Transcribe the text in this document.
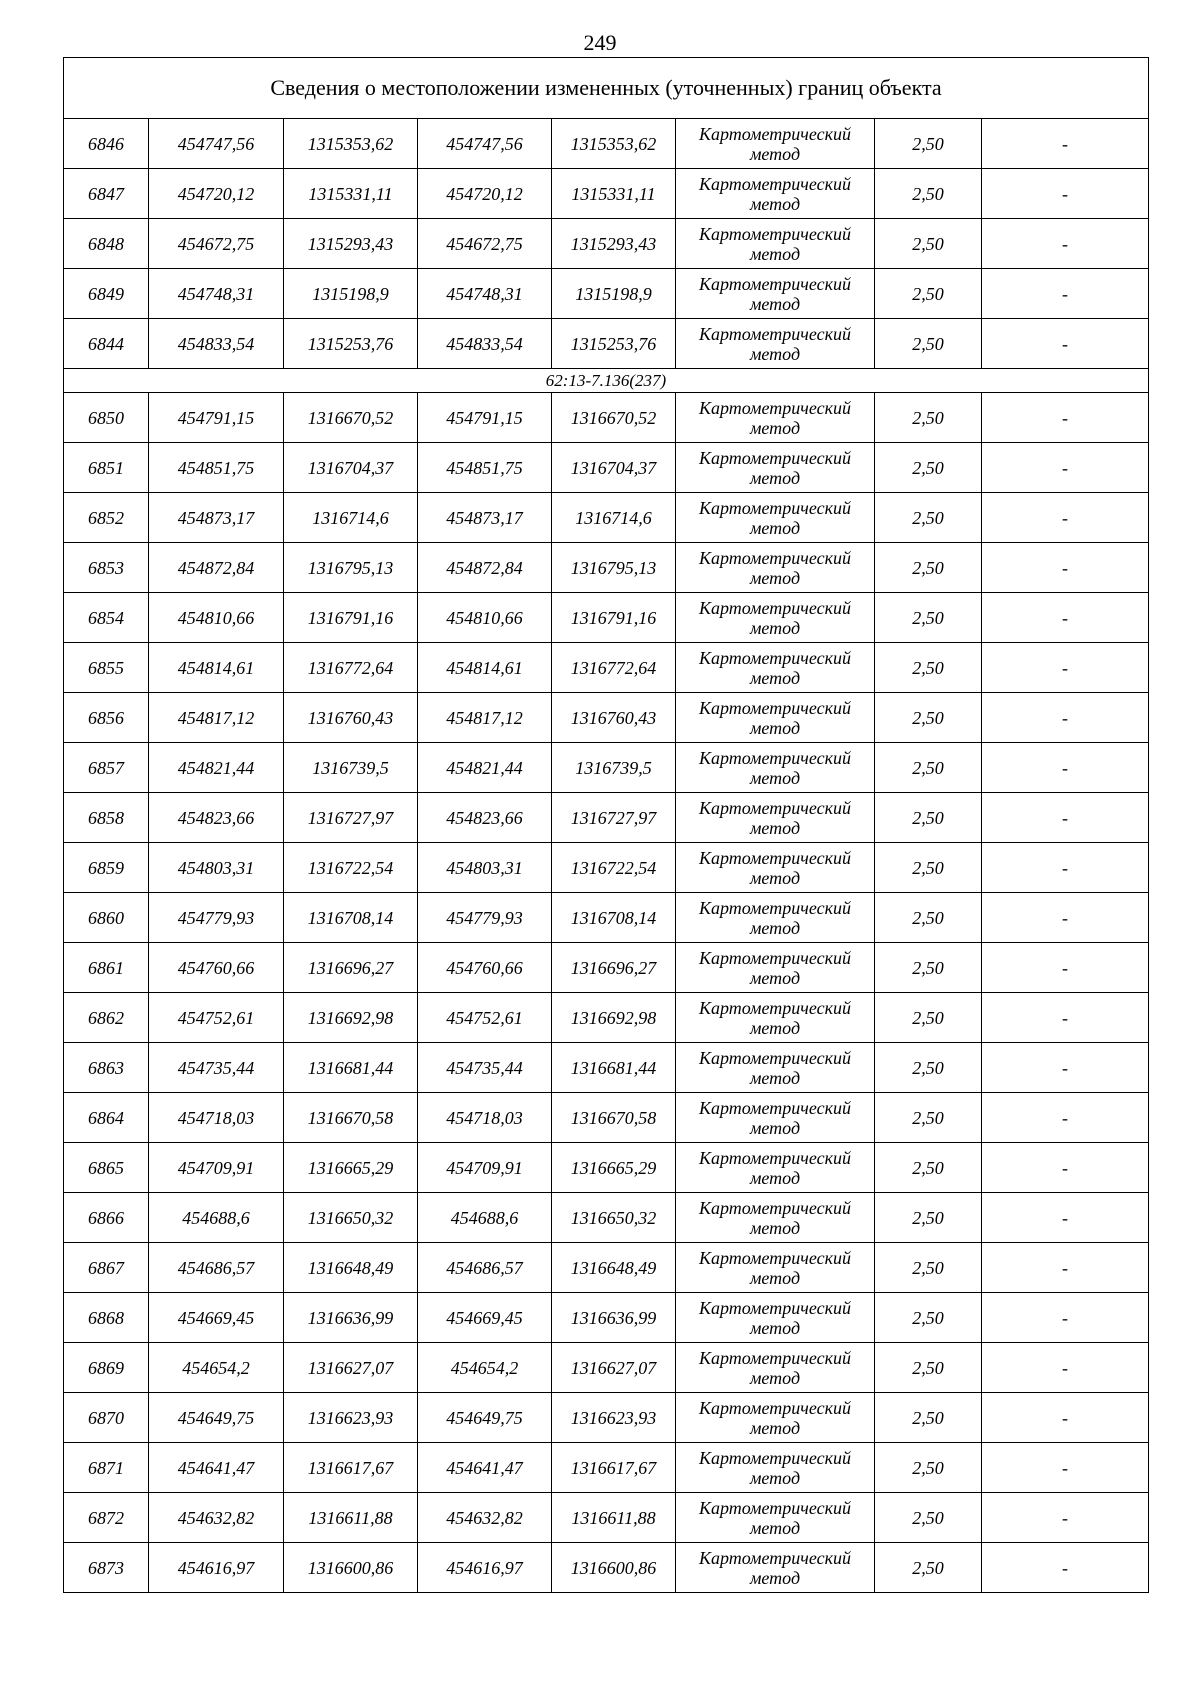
249
Сведения о местоположении измененных (уточненных) границ объекта							
6846	454747,56	1315353,62	454747,56	1315353,62	Картометрический
метод	2,50	-
6847	454720,12	1315331,11	454720,12	1315331,11	Картометрический
метод	2,50	-
6848	454672,75	1315293,43	454672,75	1315293,43	Картометрический
метод	2,50	-
6849	454748,31	1315198,9	454748,31	1315198,9	Картометрический
метод	2,50	-
6844	454833,54	1315253,76	454833,54	1315253,76	Картометрический
метод	2,50	-
62:13-7.136(237)							
6850	454791,15	1316670,52	454791,15	1316670,52	Картометрический
метод	2,50	-
6851	454851,75	1316704,37	454851,75	1316704,37	Картометрический
метод	2,50	-
6852	454873,17	1316714,6	454873,17	1316714,6	Картометрический
метод	2,50	-
6853	454872,84	1316795,13	454872,84	1316795,13	Картометрический
метод	2,50	-
6854	454810,66	1316791,16	454810,66	1316791,16	Картометрический
метод	2,50	-
6855	454814,61	1316772,64	454814,61	1316772,64	Картометрический
метод	2,50	-
6856	454817,12	1316760,43	454817,12	1316760,43	Картометрический
метод	2,50	-
6857	454821,44	1316739,5	454821,44	1316739,5	Картометрический
метод	2,50	-
6858	454823,66	1316727,97	454823,66	1316727,97	Картометрический
метод	2,50	-
6859	454803,31	1316722,54	454803,31	1316722,54	Картометрический
метод	2,50	-
6860	454779,93	1316708,14	454779,93	1316708,14	Картометрический
метод	2,50	-
6861	454760,66	1316696,27	454760,66	1316696,27	Картометрический
метод	2,50	-
6862	454752,61	1316692,98	454752,61	1316692,98	Картометрический
метод	2,50	-
6863	454735,44	1316681,44	454735,44	1316681,44	Картометрический
метод	2,50	-
6864	454718,03	1316670,58	454718,03	1316670,58	Картометрический
метод	2,50	-
6865	454709,91	1316665,29	454709,91	1316665,29	Картометрический
метод	2,50	-
6866	454688,6	1316650,32	454688,6	1316650,32	Картометрический
метод	2,50	-
6867	454686,57	1316648,49	454686,57	1316648,49	Картометрический
метод	2,50	-
6868	454669,45	1316636,99	454669,45	1316636,99	Картометрический
метод	2,50	-
6869	454654,2	1316627,07	454654,2	1316627,07	Картометрический
метод	2,50	-
6870	454649,75	1316623,93	454649,75	1316623,93	Картометрический
метод	2,50	-
6871	454641,47	1316617,67	454641,47	1316617,67	Картометрический
метод	2,50	-
6872	454632,82	1316611,88	454632,82	1316611,88	Картометрический
метод	2,50	-
6873	454616,97	1316600,86	454616,97	1316600,86	Картометрический
метод	2,50	-
